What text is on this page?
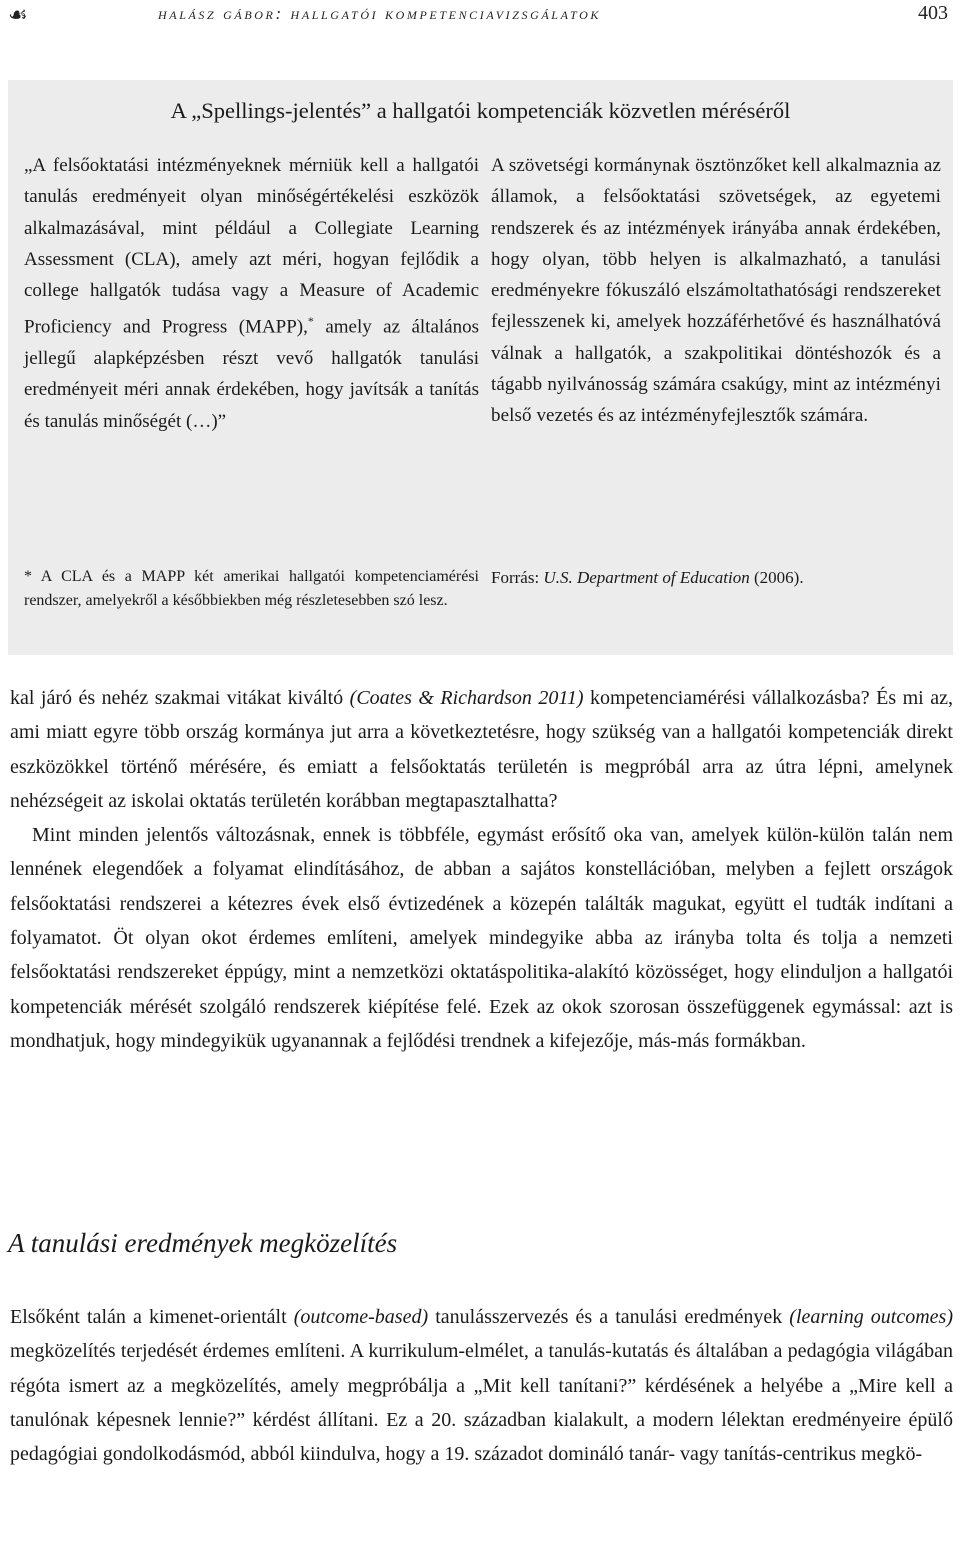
☙	halász gábor: hallgatói kompetenciavizsgálatok	403
A „Spellings-jelentés” a hallgatói kompetenciák közvetlen méréséről
„A felsőoktatási intézményeknek mérniük kell a hallgatói tanulás eredményeit olyan minőségértékelési eszközök alkalmazásával, mint például a Collegiate Learning Assessment (CLA), amely azt méri, hogyan fejlődik a college hallgatók tudása vagy a Measure of Academic Proficiency and Progress (MAPP),* amely az általános jellegű alapképzésben részt vevő hallgatók tanulási eredményeit méri annak érdekében, hogy javítsák a tanítás és tanulás minőségét (…)”
A szövetségi kormánynak ösztönzőket kell alkalmaznia az államok, a felsőoktatási szövetségek, az egyetemi rendszerek és az intézmények irányába annak érdekében, hogy olyan, több helyen is alkalmazható, a tanulási eredményekre fókuszáló elszámoltathatósági rendszereket fejlesszenek ki, amelyek hozzáférhetővé és használhatóvá válnak a hallgatók, a szakpolitikai döntéshozók és a tágabb nyilvánosság számára csakúgy, mint az intézményi belső vezetés és az intézményfejlesztők számára.
* A CLA és a MAPP két amerikai hallgatói kompetenciamérési rendszer, amelyekről a későbbiekben még részletesebben szó lesz.
Forrás: U.S. Department of Education (2006).

kal járó és nehéz szakmai vitákat kiváltó (Coates & Richardson 2011) kompetenciamérési vállalkozásba? És mi az, ami miatt egyre több ország kormánya jut arra a következtetésre, hogy szükség van a hallgatói kompetenciák direkt eszközökkel történő mérésére, és emiatt a felsőoktatás területén is megpróbál arra az útra lépni, amelynek nehézségeit az iskolai oktatás területén korábban megtapasztalhatta?

Mint minden jelentős változásnak, ennek is többféle, egymást erősítő oka van, amelyek külön-külön talán nem lennének elegendőek a folyamat elindításához, de abban a sajátos konstellációban, melyben a fejlett országok felsőoktatási rendszerei a kétezres évek első évtizedének a közepén találták magukat, együtt el tudták indítani a folyamatot. Öt olyan okot érdemes említeni, amelyek mindegyike abba az irányba tolta és tolja a nemzeti felsőoktatási rendszereket éppúgy, mint a nemzetközi oktatáspolitika-alakító közösséget, hogy elinduljon a hallgatói kompetenciák mérését szolgáló rendszerek kiépítése felé. Ezek az okok szorosan összefüggenek egymással: azt is mondhatjuk, hogy mindegyikük ugyanannak a fejlődési trendnek a kifejezője, más-más formákban.

A tanulási eredmények megközelítés

Elsőként talán a kimenet-orientált (outcome-based) tanulásszervezés és a tanulási eredmények (learning outcomes) megközelítés terjedését érdemes említeni. A kurrikulum-elmélet, a tanulás-kutatás és általában a pedagógia világában régóta ismert az a megközelítés, amely megpróbálja a „Mit kell tanítani?” kérdésének a helyébe a „Mire kell a tanulónak képesnek lennie?” kérdést állítani. Ez a 20. században kialakult, a modern lélektan eredményeire épülő pedagógiai gondolkodásmód, abból kiindulva, hogy a 19. századot domináló tanár- vagy tanítás-centrikus megkö-
